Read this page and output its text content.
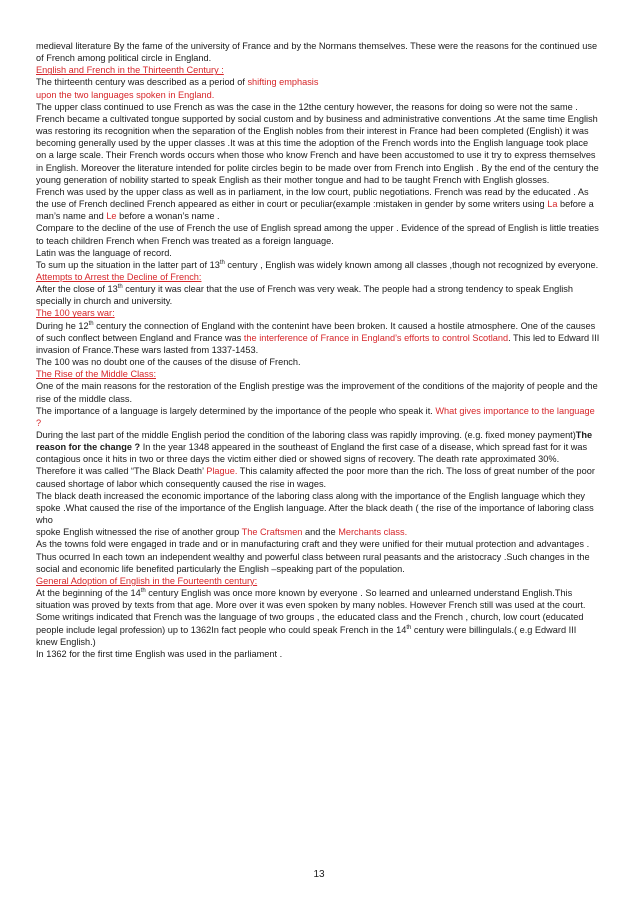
medieval literature By the fame of the university of France and by the Normans themselves. These were the reasons for the continued use of French among political circle in England.

English and French in the Thirteenth Century :

The thirteenth century was described as a period of shifting emphasis

upon the two languages spoken in England.

The upper class continued to use French as was the case in the 12the century however, the reasons for doing so were not the same .

French became a cultivated tongue supported by social custom and by business and administrative conventions .At the same time English was restoring its recognition when the separation of the English nobles from their interest in France had been completed (English) it was becoming generally used by the upper classes .It was at this time the adoption of the French words into the English language took place on a large scale. Their French words occurs when those who know French and have been accustomed to use it try to express themselves in English. Moreover the literature intended for polite circles begin to be made over from French into English . By the end of the century the young generation of nobility started to speak English as their mother tongue and had to be taught French with English glosses.

French was used by the upper class as well as in parliament, in the low court, public negotiations. French was read by the educated . As the use of French declined French appeared as either in court or peculiar(example :mistaken in gender by some writers using La before a man’s name and Le before a wonan’s name .

Compare to the decline of the use of French the use of English spread among the upper . Evidence of the spread of English is little treaties to teach children French when French was treated as a foreign language.

Latin was the language of record.

To sum up the situation in the latter part of 13th century , English was widely known among all classes ,though not recognized by everyone.

Attempts to Arrest the Decline of French:

After the close of 13th century it was clear that the use of French was very weak. The people had a strong tendency to speak English specially in church and university.

The 100 years war:

During he 12th century the connection of England with the contenint have been broken. It caused a hostile atmosphere. One of the causes of such conflect between England and France was the interference of France in England’s efforts to control Scotland. This led to Edward III invasion of France.These wars lasted from 1337-1453.

The 100 was no doubt one of the causes of the disuse of French.

The Rise of the Middle Class:

One of the main reasons for the restoration of the English prestige was the improvement of the conditions of the majority of people and the rise of the middle class.

The importance of a language is largely determined by the importance of the people who speak it. What gives importance to the language ?

During the last part of the middle English period the condition of the laboring class was rapidly improving. (e.g. fixed money payment)The reason for the change ? In the year 1348 appeared in the southeast of England the first case of a disease, which spread fast for it was contagious once it hits in two or three days the victim either died or showed signs of recovery. The death rate approximated 30%. Therefore it was called “The Black Death’ Plague. This calamity affected the poor more than the rich. The loss of great number of the poor caused shortage of labor which consequently caused the rise in wages.

The black death increased the economic importance of the laboring class along with the importance of the English language which they spoke .What caused the rise of the importance of the English language. After the black death ( the rise of the importance of laboring class who

spoke English witnessed the rise of another group The Craftsmen and the Merchants class.

As the towns fold were engaged in trade and or in manufacturing craft and they were unified for their mutual protection and advantages .

Thus ocurred In each town an independent wealthy and powerful class between rural peasants and the aristocracy .Such changes in the social and economic life benefited particularly the English –speaking part of the population.

General Adoption of English in the Fourteenth century:

At the beginning of the 14th century English was once more known by everyone . So learned and unlearned understand English.This situation was proved by texts from that age. More over it was even spoken by many nobles. However French still was used at the court. Some writings indicated that French was the language of two groups , the educated class and the French , church, low court (educated people include legal profession) up to 1362In fact people who could speak French in the 14th century were billingulals.( e.g Edward III knew English.)

In 1362 for the first time English was used in the parliament .

13
